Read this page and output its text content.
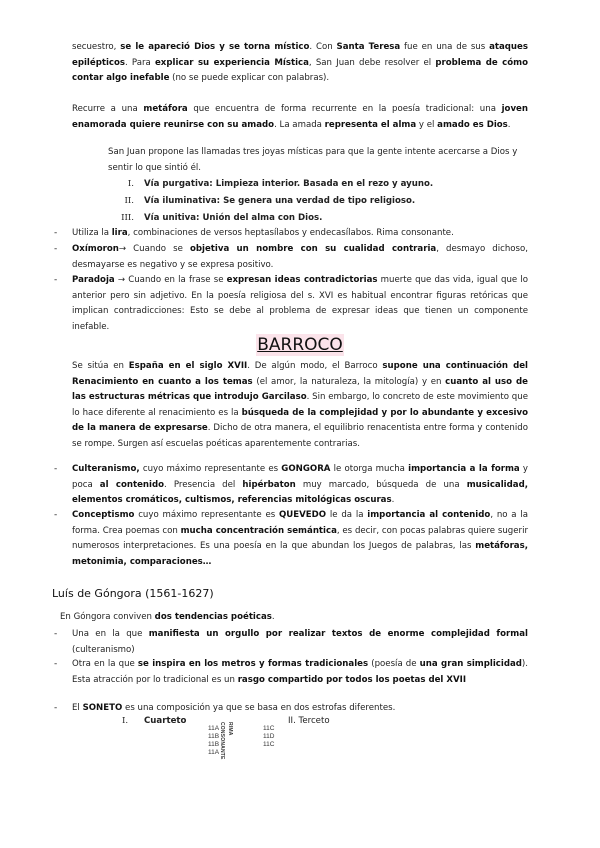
secuestro, se le apareció Dios y se torna místico. Con Santa Teresa fue en una de sus ataques epilépticos. Para explicar su experiencia Mística, San Juan debe resolver el problema de cómo contar algo inefable (no se puede explicar con palabras).
Recurre a una metáfora que encuentra de forma recurrente en la poesía tradicional: una joven enamorada quiere reunirse con su amado. La amada representa el alma y el amado es Dios.
San Juan propone las llamadas tres joyas místicas para que la gente intente acercarse a Dios y sentir lo que sintió él.
I. Vía purgativa: Limpieza interior. Basada en el rezo y ayuno.
II. Vía iluminativa: Se genera una verdad de tipo religioso.
III. Vía unitiva: Unión del alma con Dios.
- Utiliza la lira, combinaciones de versos heptasílabos y endecasílabos. Rima consonante.
- Oxímoron→ Cuando se objetiva un nombre con su cualidad contraria, desmayo dichoso, desmayarse es negativo y se expresa positivo.
- Paradoja → Cuando en la frase se expresan ideas contradictorias muerte que das vida, igual que lo anterior pero sin adjetivo. En la poesía religiosa del s. XVI es habitual encontrar figuras retóricas que implican contradicciones: Esto se debe al problema de expresar ideas que tienen un componente inefable.
BARROCO
Se sitúa en España en el siglo XVII. De algún modo, el Barroco supone una continuación del Renacimiento en cuanto a los temas (el amor, la naturaleza, la mitología) y en cuanto al uso de las estructuras métricas que introdujo Garcilaso. Sin embargo, lo concreto de este movimiento que lo hace diferente al renacimiento es la búsqueda de la complejidad y por lo abundante y excesivo de la manera de expresarse. Dicho de otra manera, el equilibrio renacentista entre forma y contenido se rompe. Surgen así escuelas poéticas aparentemente contrarias.
- Culteranismo, cuyo máximo representante es GONGORA le otorga mucha importancia a la forma y poca al contenido. Presencia del hipérbaton muy marcado, búsqueda de una musicalidad, elementos cromáticos, cultismos, referencias mitológicas oscuras.
- Conceptismo cuyo máximo representante es QUEVEDO le da la importancia al contenido, no a la forma. Crea poemas con mucha concentración semántica, es decir, con pocas palabras quiere sugerir numerosos interpretaciones. Es una poesía en la que abundan los Juegos de palabras, las metáforas, metonimia, comparaciones…
Luís de Góngora (1561-1627)
En Góngora conviven dos tendencias poéticas.
- Una en la que manifiesta un orgullo por realizar textos de enorme complejidad formal (culteranismo)
- Otra en la que se inspira en los metros y formas tradicionales (poesía de una gran simplicidad). Esta atracción por lo tradicional es un rasgo compartido por todos los poetas del XVII
- El SONETO es una composición ya que se basa en dos estrofas diferentes.
I. Cuarteto	II. Terceto
11A
11B
11B
11A
RIMA CONSONANTE	11C
11D
11C
